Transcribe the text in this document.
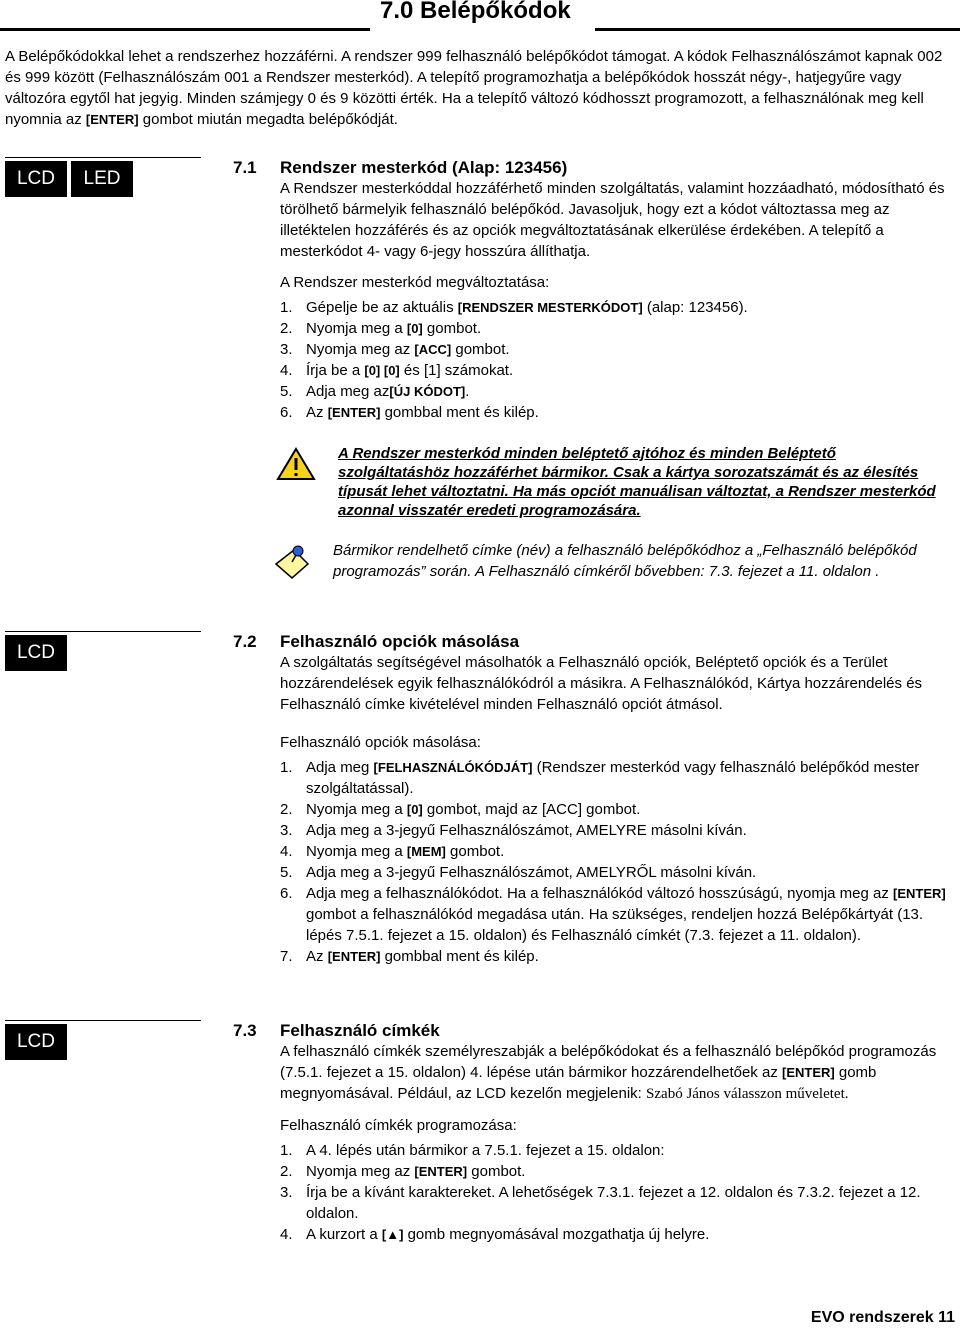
7.0 Belépőkódok
A Belépőkódokkal lehet a rendszerhez hozzáférni. A rendszer 999 felhasználó belépőkódot támogat. A kódok Felhasználószámot kapnak 002 és 999 között (Felhasználószám 001 a Rendszer mesterkód). A telepítő programozhatja a belépőkódok hosszát négy-, hatjegyűre vagy változóra egytől hat jegyig. Minden számjegy 0 és 9 közötti érték. Ha a telepítő változó kódhosszt programozott, a felhasználónak meg kell nyomnia az [ENTER] gombot miután megadta belépőkódját.
LCD	LED
7.1	Rendszer mesterkód (Alap: 123456)

A Rendszer mesterkóddal hozzáférhető minden szolgáltatás, valamint hozzáadható, módosítható és törölhető bármelyik felhasználó belépőkód. Javasoljuk, hogy ezt a kódot változtassa meg az illetéktelen hozzáférés és az opciók megváltoztatásának elkerülése érdekében. A telepítő a mesterkódot 4- vagy 6-jegy hosszúra állíthatja.

A Rendszer mesterkód megváltoztatása:

1. Gépelje be az aktuális [RENDSZER MESTERKÓDOT] (alap: 123456).
2. Nyomja meg a [0] gombot.
3. Nyomja meg az [ACC] gombot.
4. Írja be a [0] [0] és [1] számokat.
5. Adja meg az[ÚJ KÓDOT].
6. Az [ENTER] gombbal ment és kilép.
A Rendszer mesterkód minden beléptető ajtóhoz és minden Beléptető szolgáltatáshöz hozzáférhet bármikor. Csak a kártya sorozatszámát és az élesítés típusát lehet változtatni. Ha más opciót manuálisan változtat, a Rendszer mesterkód azonnal visszatér eredeti programozására.
Bármikor rendelhető címke (név) a felhasználó belépőkódhoz a „Felhasználó belépőkód programozás” során. A Felhasználó címkéről bővebben: 7.3. fejezet a 11. oldalon .
LCD
7.2	Felhasználó opciók másolása

A szolgáltatás segítségével másolhatók a Felhasználó opciók, Beléptető opciók és a Terület hozzárendelések egyik felhasználókódról a másikra. A Felhasználókód, Kártya hozzárendelés és Felhasználó címke kivételével minden Felhasználó opciót átmásol.

Felhasználó opciók másolása:

1. Adja meg [FELHASZNÁLÓKÓDJÁT] (Rendszer mesterkód vagy felhasználó belépőkód mester szolgáltatással).
2. Nyomja meg a [0] gombot, majd az [ACC] gombot.
3. Adja meg a 3-jegyű Felhasználószámot, AMELYRE másolni kíván.
4. Nyomja meg a [MEM] gombot.
5. Adja meg a 3-jegyű Felhasználószámot, AMELYRŐL másolni kíván.
6. Adja meg a felhasználókódot. Ha a felhasználókód változó hosszúságú, nyomja meg az [ENTER] gombot a felhasználókód megadása után. Ha szükséges, rendeljen hozzá Belépőkártyát (13. lépés 7.5.1. fejezet a 15. oldalon) és Felhasználó címkét (7.3. fejezet a 11. oldalon).
7. Az [ENTER] gombbal ment és kilép.
LCD
7.3	Felhasználó címkék

A felhasználó címkék személyreszabják a belépőkódokat és a felhasználó belépőkód programozás (7.5.1. fejezet a 15. oldalon) 4. lépése után bármikor hozzárendelhetőek az [ENTER] gomb megnyomásával. Például, az LCD kezelőn megjelenik: Szabó János válasszon műveletet.

Felhasználó címkék programozása:

1. A 4. lépés után bármikor a 7.5.1. fejezet a 15. oldalon:
2. Nyomja meg az [ENTER] gombot.
3. Írja be a kívánt karaktereket. A lehetőségek 7.3.1. fejezet a 12. oldalon és 7.3.2. fejezet a 12. oldalon.
4. A kurzort a [▲] gomb megnyomásával mozgathatja új helyre.
EVO rendszerek 11
